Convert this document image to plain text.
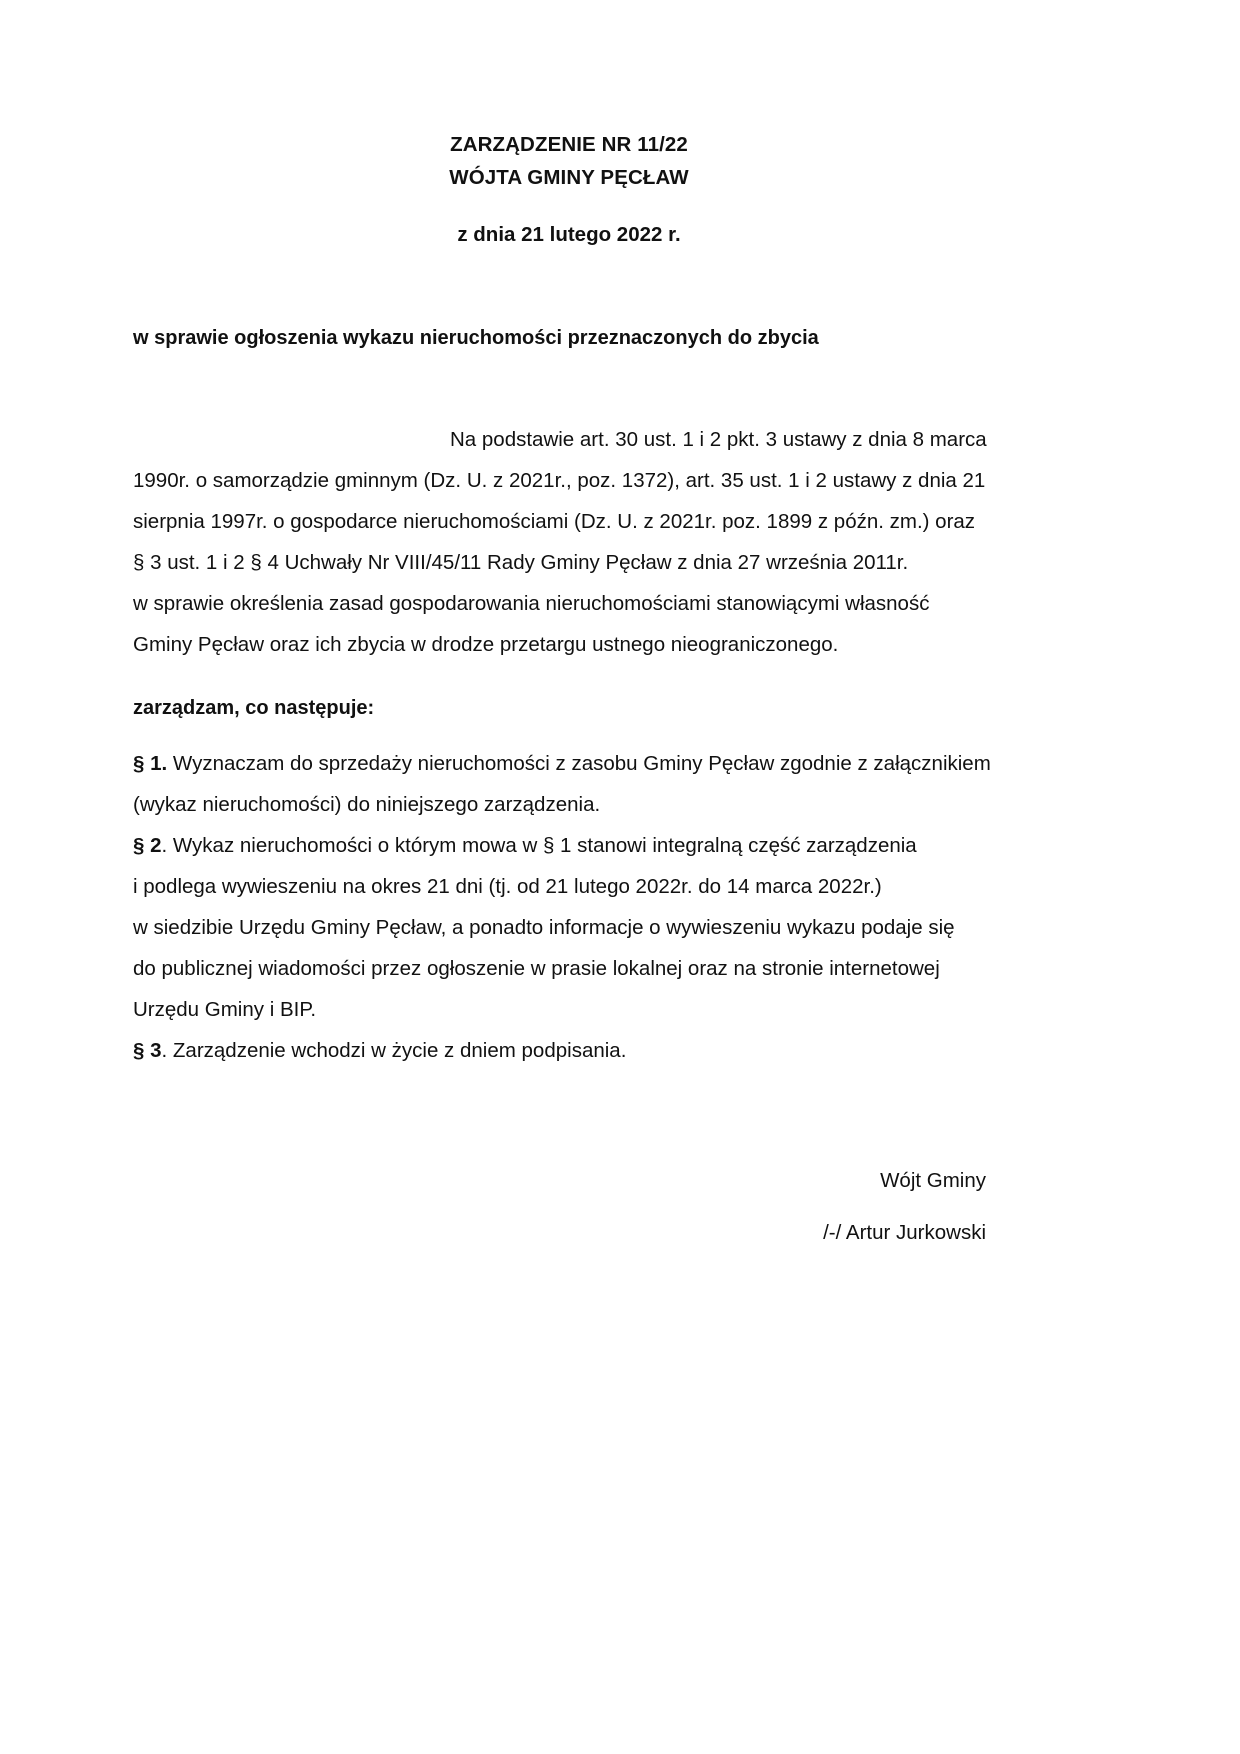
ZARZĄDZENIE NR 11/22
WÓJTA GMINY PĘCŁAW
z dnia 21 lutego 2022 r.
w sprawie ogłoszenia wykazu nieruchomości przeznaczonych do zbycia
Na podstawie art. 30 ust. 1 i 2 pkt. 3 ustawy z dnia 8 marca
1990r. o samorządzie gminnym (Dz. U. z 2021r., poz. 1372), art. 35 ust. 1 i 2 ustawy z dnia 21
sierpnia 1997r. o gospodarce nieruchomościami (Dz. U. z 2021r. poz. 1899 z późn. zm.) oraz
§ 3 ust. 1 i 2 § 4 Uchwały Nr VIII/45/11 Rady Gminy Pęcław z dnia 27 września 2011r.
w sprawie określenia zasad gospodarowania nieruchomościami stanowiącymi własność
Gminy Pęcław oraz ich zbycia w drodze przetargu ustnego nieograniczonego.
zarządzam, co następuje:
§ 1. Wyznaczam do sprzedaży nieruchomości z zasobu Gminy Pęcław zgodnie z załącznikiem
(wykaz nieruchomości) do niniejszego zarządzenia.
§ 2. Wykaz nieruchomości o którym mowa w § 1 stanowi integralną część zarządzenia
i podlega wywieszeniu na okres 21 dni (tj. od 21 lutego 2022r. do 14 marca 2022r.)
w siedzibie Urzędu Gminy Pęcław, a ponadto informacje o wywieszeniu wykazu podaje się
do publicznej wiadomości przez ogłoszenie w prasie lokalnej oraz na stronie internetowej
Urzędu Gminy i BIP.
§ 3. Zarządzenie wchodzi w życie z dniem podpisania.
Wójt Gminy
/-/ Artur Jurkowski
